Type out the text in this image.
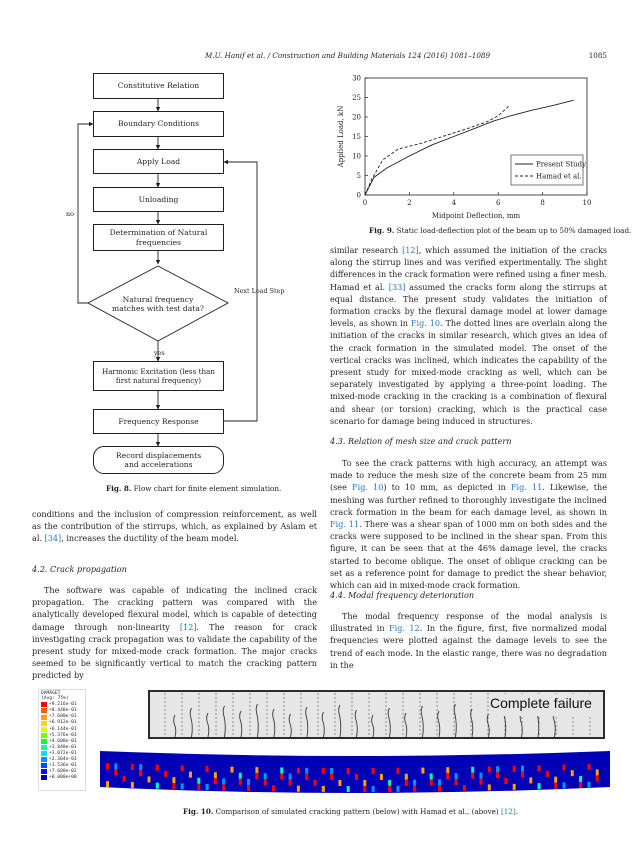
M.U. Hanif et al. / Construction and Building Materials 124 (2016) 1081–1089	1085
Constitutive Relation
Boundary Conditions
Apply Load
Unloading
Determination of Natural frequencies
Natural frequency matches with test data?
Harmonic Excitation (less than first natural frequency)
Frequency Response
Record displacements and accelerations
no
yes
Next Load Step
Fig. 8. Flow chart for finite element simulation.
0	2	4	6	8	10
0
5
10
15
20
25
30
Midpoint Deflection, mm
Applied Load, kN	Present Study
Hamad et al.
Fig. 9. Static load-deflection plot of the beam up to 50% damaged load.

conditions and the inclusion of compression reinforcement, as well as the contribution of the stirrups, which, as explained by Aslam et al. [34], increases the ductility of the beam model.

4.2. Crack propagation

The software was capable of indicating the inclined crack propagation. The cracking pattern was compared with the analytically developed flexural model, which is capable of detecting damage through non-linearity [12]. The reason for crack investigating crack propagation was to validate the capability of the present study for mixed-mode crack formation. The major cracks seemed to be significantly vertical to match the cracking pattern predicted by

similar research [12], which assumed the initiation of the cracks along the stirrup lines and was verified experimentally. The slight differences in the crack formation were refined using a finer mesh. Hamad et al. [33] assumed the cracks form along the stirrups at equal distance. The present study validates the initiation of formation cracks by the flexural damage model at lower damage levels, as shown in Fig. 10. The dotted lines are overlain along the initiation of the cracks in similar research, which gives an idea of the crack formation in the simulated model. The onset of the vertical cracks was inclined, which indicates the capability of the present study for mixed-mode cracking as well, which can be separately investigated by applying a three-point loading. The mixed-mode cracking in the cracking is a combination of flexural and shear (or torsion) cracking, which is the practical case scenario for damage being induced in structures.

4.3. Relation of mesh size and crack pattern

To see the crack patterns with high accuracy, an attempt was made to reduce the mesh size of the concrete beam from 25 mm (see Fig. 10) to 10 mm, as depicted in Fig. 11. Likewise, the meshing was further refined to thoroughly investigate the inclined crack formation in the beam for each damage level, as shown in Fig. 11. There was a shear span of 1000 mm on both sides and the cracks were supposed to be inclined in the shear span. From this figure, it can be seen that at the 46% damage level, the cracks started to become oblique. The onset of oblique cracking can be set as a reference point for damage to predict the shear behavior, which can aid in mixed-mode crack formation.

4.4. Modal frequency deterioration

The modal frequency response of the modal analysis is illustrated in Fig. 12. In the figure, first, five normalized modal frequencies were plotted against the damage levels to see the trend of each mode. In the elastic range, there was no degradation in the

DAMAGET
(Avg: 75%)
+9.216e-01
+8.448e-01
+7.680e-01
+6.912e-01
+6.144e-01
+5.376e-01
+4.608e-01
+3.840e-01
+3.072e-01
+2.304e-01
+1.536e-01
+7.680e-02
+0.000e+00
Complete failure
Fig. 10. Comparison of simulated cracking pattern (below) with Hamad et al., (above) [12].
